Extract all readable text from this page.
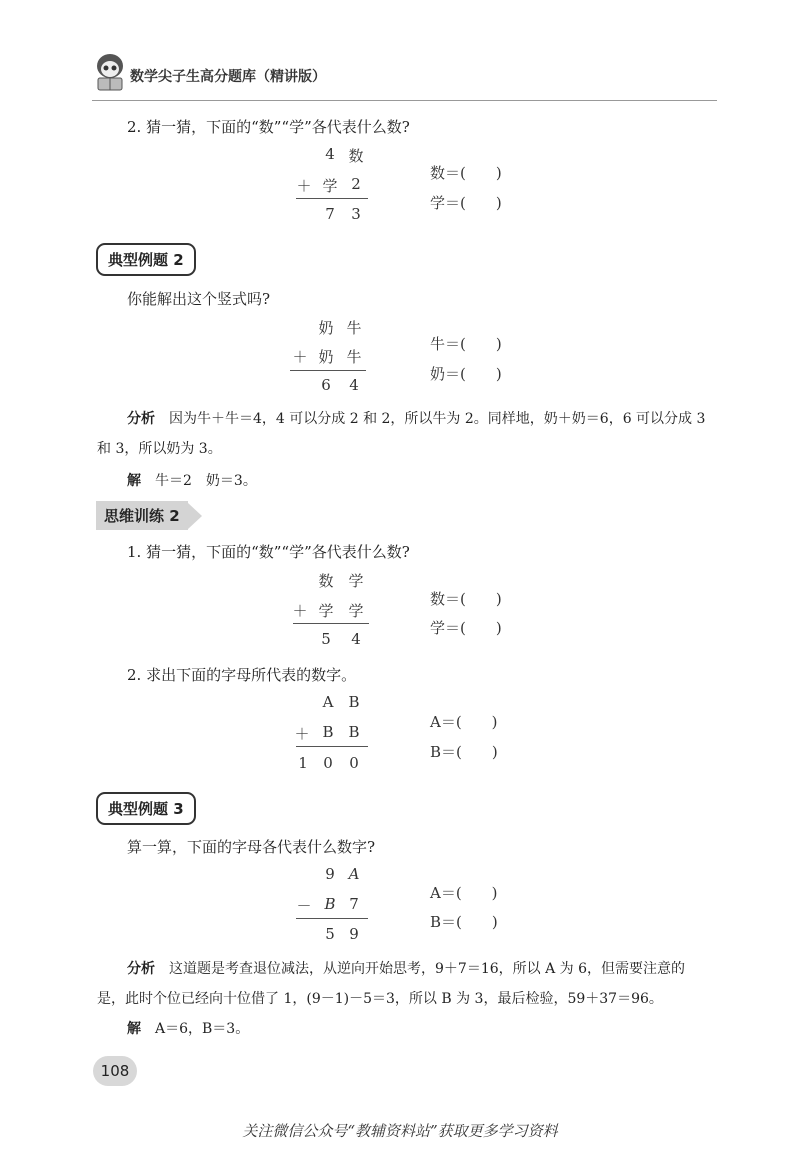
数学尖子生高分题库（精讲版）
2. 猜一猜，下面的“数”“学”各代表什么数?
4 数
＋ 学 2
7	3
数＝(　　)
学＝(　　)
典型例题 2
你能解出这个竖式吗?
奶 牛
＋ 奶 牛
6	4
牛＝(　　)
奶＝(　　)
分析　 因为牛＋牛＝4，4 可以分成 2 和 2，所以牛为 2。同样地，奶＋奶＝6，6 可以分成 3
和 3，所以奶为 3。
解　 牛＝2　奶＝3。
思维训练 2
1. 猜一猜，下面的“数”“学”各代表什么数?
数 学
＋ 学 学
5	4
数＝(　　)
学＝(　　)
2. 求出下面的字母所代表的数字。
A	B
＋ B B
1	0	0
A＝(　　)
B＝(　　)
典型例题 3
算一算，下面的字母各代表什么数字?
9 A
－ B 7
5 9
A＝(　　)
B＝(　　)
分析　 这道题是考查退位减法，从逆向开始思考，9＋7＝16，所以 A 为 6，但需要注意的
是，此时个位已经向十位借了 1，(9－1)－5＝3，所以 B 为 3，最后检验，59＋37＝96。
解　 A＝6，B＝3。
108
关注微信公众号“教辅资料站”获取更多学习资料
